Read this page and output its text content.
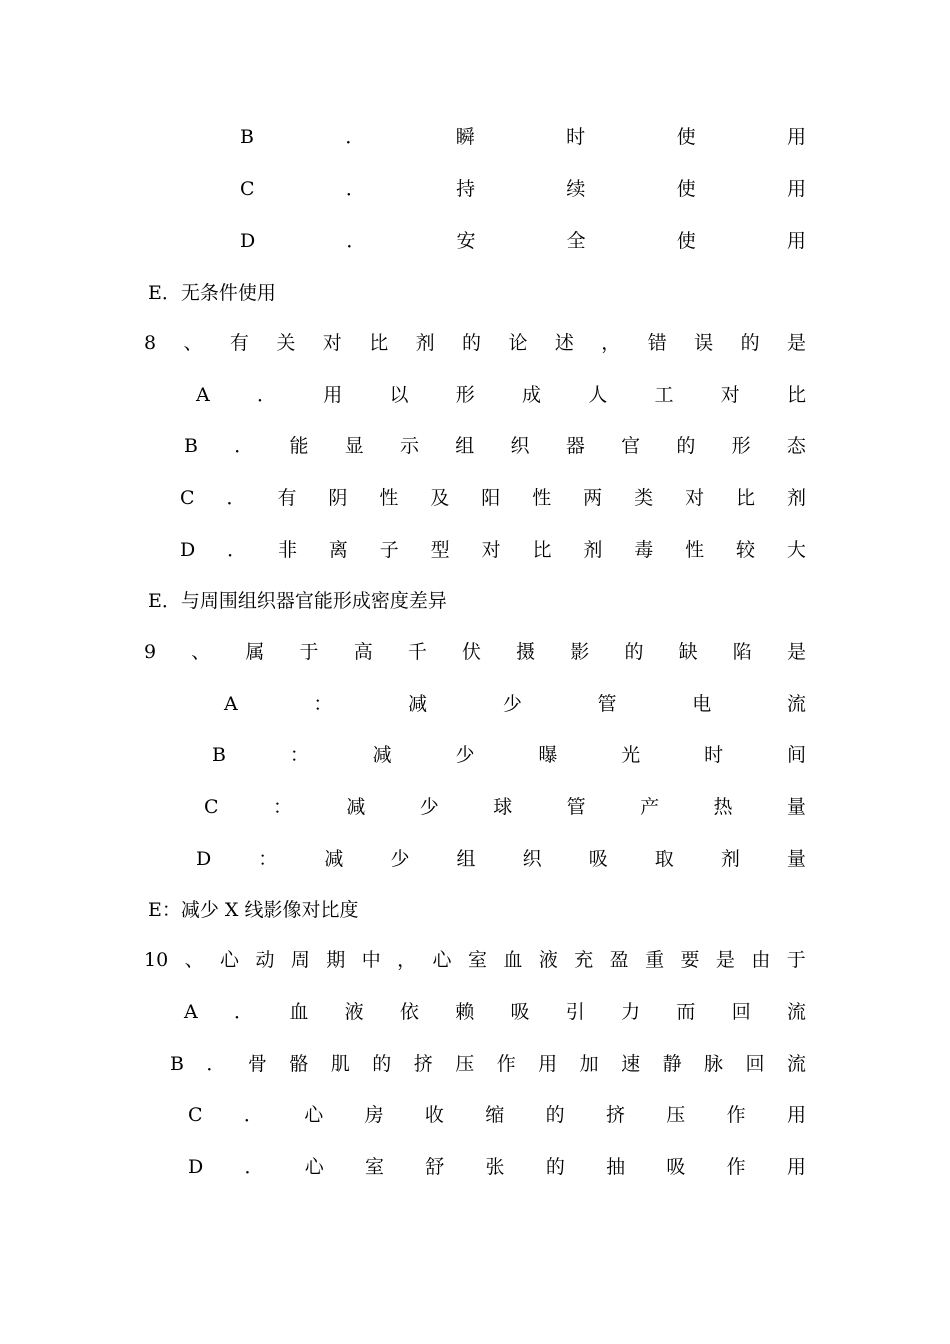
B	．	瞬	时	使	用
C	．	持	续	使	用
D	．	安	全	使	用
E．无条件使用
8 、 有 关 对 比 剂 的 论 述 ， 错 误 的 是
A ． 用 以 形 成 人 工 对 比
B ． 能 显 示 组 织 器 官 的 形 态
C ． 有 阴 性 及 阳 性 两 类 对 比 剂
D ． 非 离 子 型 对 比 剂 毒 性 较 大
E．与周围组织器官能形成密度差异
9 、 属 于 高 千 伏 摄 影 的 缺 陷 是
A	：	减	少	管	电	流
B	：	减	少	曝	光	时	间
C	：	减	少	球	管	产	热	量
D ： 减 少 组 织 吸 取 剂 量
E：减少 X 线影像对比度
10 、 心 动 周 期 中 ， 心 室 血 液 充 盈 重 要 是 由 于
A ． 血 液 依 赖 吸 引 力 而 回 流
B ． 骨 骼 肌 的 挤 压 作 用 加 速 静 脉 回 流
C ． 心 房 收 缩 的 挤 压 作 用
D ． 心 室 舒 张 的 抽 吸 作 用
